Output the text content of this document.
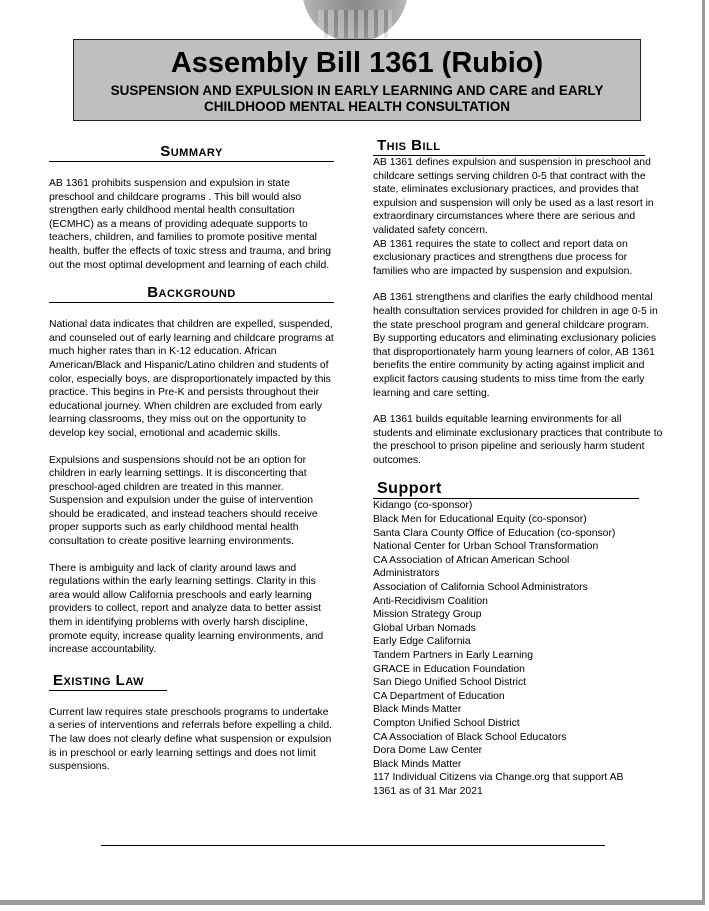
Assembly Bill 1361 (Rubio)
SUSPENSION AND EXPULSION IN EARLY LEARNING AND CARE and EARLY CHILDHOOD MENTAL HEALTH CONSULTATION
Summary

AB 1361 prohibits suspension and expulsion in state preschool and childcare programs . This bill would also strengthen early childhood mental health consultation (ECMHC) as a means of providing adequate supports to teachers, children, and families to promote positive mental health, buffer the effects of toxic stress and trauma, and bring out the most optimal development and learning of each child.

Background

National data indicates that children are expelled, suspended, and counseled out of early learning and childcare programs at much higher rates than in K-12 education. African American/Black and Hispanic/Latino children and students of color, especially boys, are disproportionately impacted by this practice. This begins in Pre-K and persists throughout their educational journey. When children are excluded from early learning classrooms, they miss out on the opportunity to develop key social, emotional and academic skills.

Expulsions and suspensions should not be an option for children in early learning settings. It is disconcerting that preschool-aged children are treated in this manner. Suspension and expulsion under the guise of intervention should be eradicated, and instead teachers should receive proper supports such as early childhood mental health consultation to create positive learning environments.

There is ambiguity and lack of clarity around laws and regulations within the early learning settings. Clarity in this area would allow California preschools and early learning providers to collect, report and analyze data to better assist them in identifying problems with overly harsh discipline, promote equity, increase quality learning environments, and increase accountability.

Existing Law

Current law requires state preschools programs to undertake a series of interventions and referrals before expelling a child. The law does not clearly define what suspension or expulsion is in preschool or early learning settings and does not limit suspensions.

This Bill

AB 1361 defines expulsion and suspension in preschool and childcare settings serving children 0-5 that contract with the state, eliminates exclusionary practices, and provides that expulsion and suspension will only be used as a last resort in extraordinary circumstances where there are serious and validated safety concern.

AB 1361 requires the state to collect and report data on exclusionary practices and strengthens due process for families who are impacted by suspension and expulsion.

AB 1361 strengthens and clarifies the early childhood mental health consultation services provided for children in age 0-5 in the state preschool program and general childcare program. By supporting educators and eliminating exclusionary policies that disproportionately harm young learners of color, AB 1361 benefits the entire community by acting against implicit and explicit factors causing students to miss time from the early learning and care setting.

AB 1361 builds equitable learning environments for all students and eliminate exclusionary practices that contribute to the preschool to prison pipeline and seriously harm student outcomes.

Support
Kidango (co-sponsor)
Black Men for Educational Equity (co-sponsor)
Santa Clara County Office of Education (co-sponsor)
National Center for Urban School Transformation
CA Association of African American School
Administrators
Association of California School Administrators
Anti-Recidivism Coalition
Mission Strategy Group
Global Urban Nomads
Early Edge California
Tandem Partners in Early Learning
GRACE in Education Foundation
San Diego Unified School District
CA Department of Education
Black Minds Matter
Compton Unified School District
CA Association of Black School Educators
Dora Dome Law Center
Black Minds Matter
117 Individual Citizens via Change.org that support AB
1361 as of 31 Mar 2021
